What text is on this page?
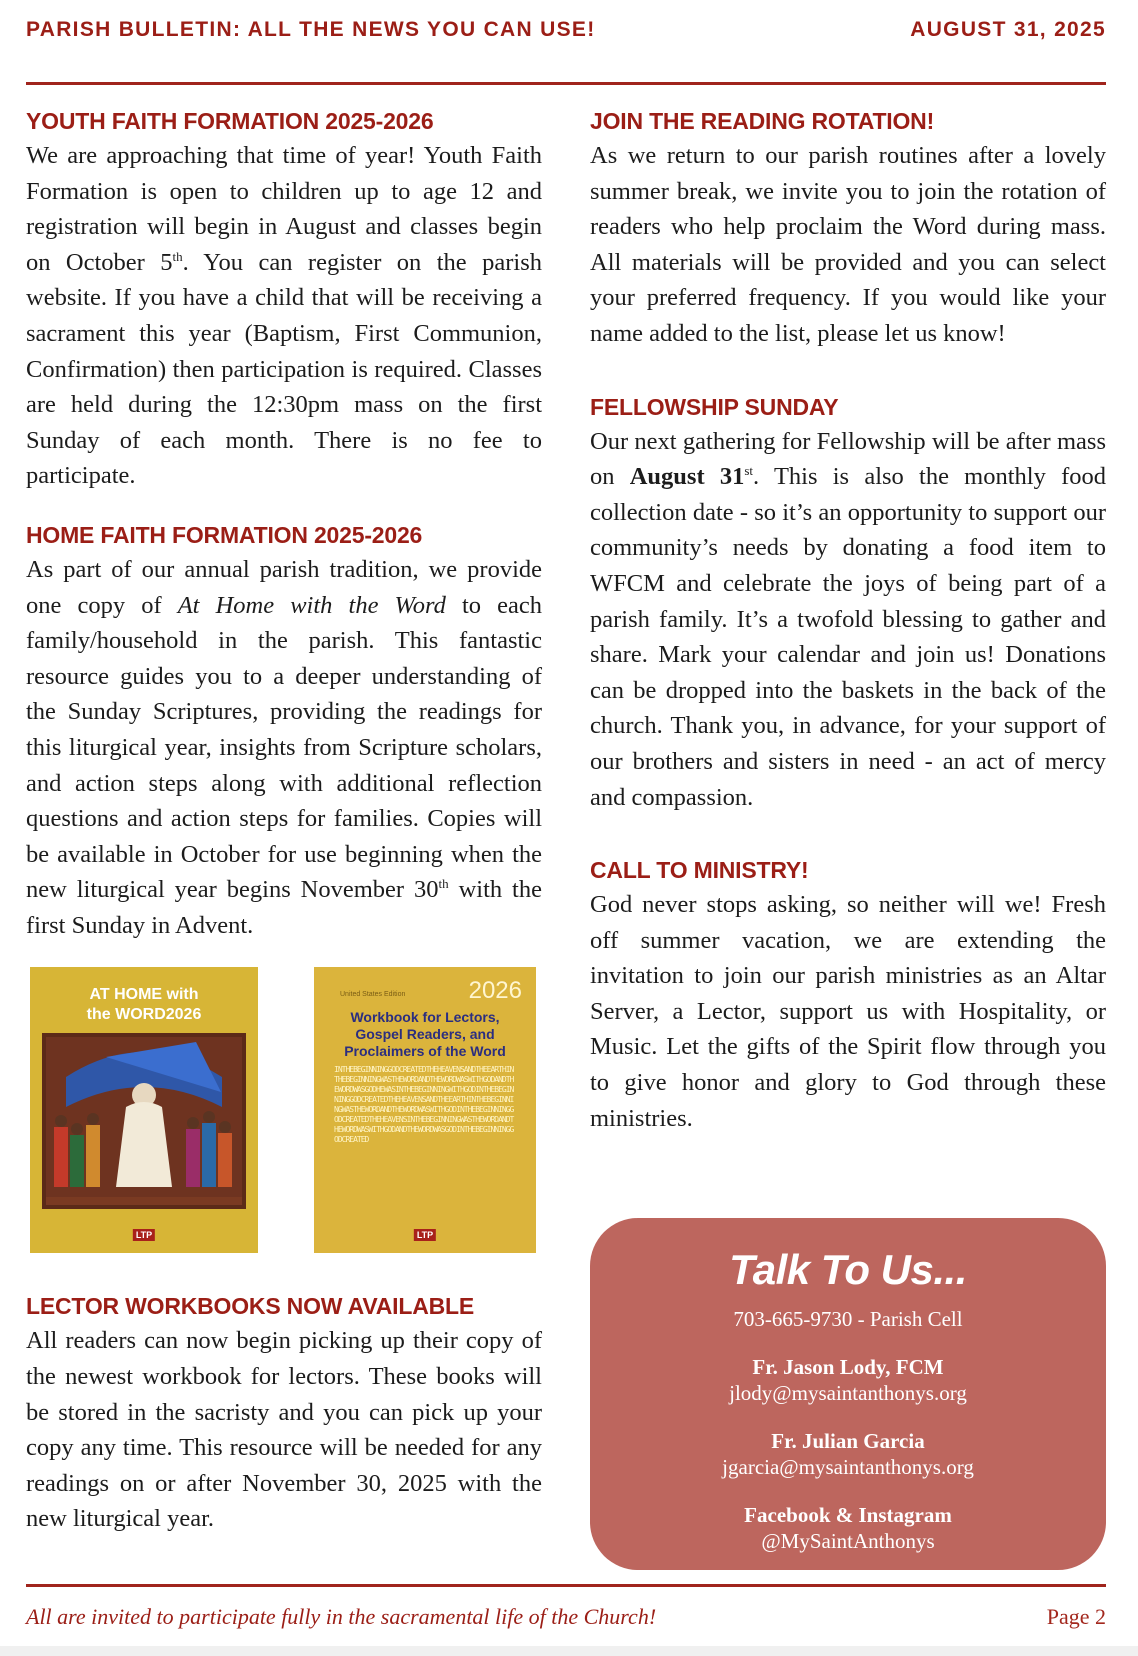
PARISH BULLETIN: ALL THE NEWS YOU CAN USE!	AUGUST 31, 2025
YOUTH FAITH FORMATION 2025-2026

We are approaching that time of year! Youth Faith Formation is open to children up to age 12 and registration will begin in August and classes begin on October 5th. You can register on the parish website. If you have a child that will be receiving a sacrament this year (Baptism, First Communion, Confirmation) then participation is required. Classes are held during the 12:30pm mass on the first Sunday of each month. There is no fee to participate.

HOME FAITH FORMATION 2025-2026

As part of our annual parish tradition, we provide one copy of At Home with the Word to each family/household in the parish. This fantastic resource guides you to a deeper understanding of the Sunday Scriptures, providing the readings for this liturgical year, insights from Scripture scholars, and action steps along with additional reflection questions and action steps for families. Copies will be available in October for use beginning when the new liturgical year begins November 30th with the first Sunday in Advent.

AT HOME with
the WORD2026
LTP
United States Edition	2026
Workbook for Lectors,
Gospel Readers, and
Proclaimers of the Word
INTHEBEGINNINGGODCREATEDTHEHEAVENSANDTHEEARTHINTHEBEGINNINGWASTHEWORDANDTHEWORDWASWITHGODANDTHEWORDWASGODHEWASINTHEBEGINNINGWITHGODINTHEBEGINNINGGODCREATEDTHEHEAVENSANDTHEEARTHINTHEBEGINNINGWASTHEWORDANDTHEWORDWASWITHGODINTHEBEGINNINGGODCREATEDTHEHEAVENSINTHEBEGINNINGWASTHEWORDANDTHEWORDWASWITHGODANDTHEWORDWASGODINTHEBEGINNINGGODCREATED
LTP
LECTOR WORKBOOKS NOW AVAILABLE

All readers can now begin picking up their copy of the newest workbook for lectors. These books will be stored in the sacristy and you can pick up your copy any time. This resource will be needed for any readings on or after November 30, 2025 with the new liturgical year.

JOIN THE READING ROTATION!

As we return to our parish routines after a lovely summer break, we invite you to join the rotation of readers who help proclaim the Word during mass. All materials will be provided and you can select your preferred frequency. If you would like your name added to the list, please let us know!

FELLOWSHIP SUNDAY

Our next gathering for Fellowship will be after mass on August 31st. This is also the monthly food collection date - so it’s an opportunity to support our community’s needs by donating a food item to WFCM and celebrate the joys of being part of a parish family. It’s a twofold blessing to gather and share. Mark your calendar and join us! Donations can be dropped into the baskets in the back of the church. Thank you, in advance, for your support of our brothers and sisters in need - an act of mercy and compassion.

CALL TO MINISTRY!

God never stops asking, so neither will we! Fresh off summer vacation, we are extending the invitation to join our parish ministries as an Altar Server, a Lector, support us with Hospitality, or Music. Let the gifts of the Spirit flow through you to give honor and glory to God through these ministries.

Talk To Us...
703-665-9730 - Parish Cell
Fr. Jason Lody, FCM
jlody@mysaintanthonys.org
Fr. Julian Garcia
jgarcia@mysaintanthonys.org
Facebook & Instagram
@MySaintAnthonys
All are invited to participate fully in the sacramental life of the Church!	Page 2
